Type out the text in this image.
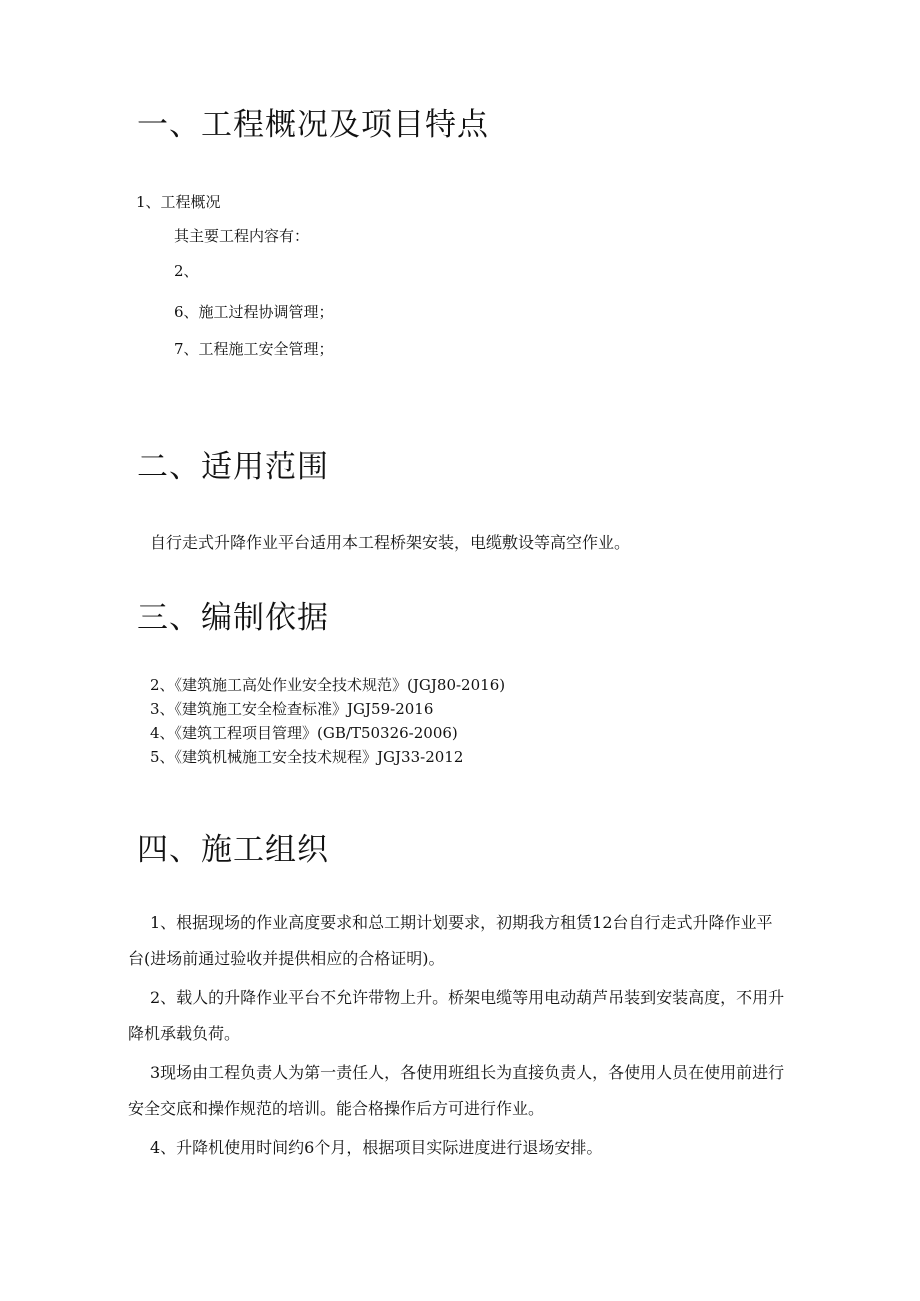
一、工程概况及项目特点
1、工程概况
其主要工程内容有：
2、
6、施工过程协调管理；
7、工程施工安全管理；
二、适用范围
自行走式升降作业平台适用本工程桥架安装，电缆敷设等高空作业。
三、编制依据
2、《建筑施工高处作业安全技术规范》(JGJ80-2016)
3、《建筑施工安全检查标准》JGJ59-2016
4、《建筑工程项目管理》(GB/T50326-2006)
5、《建筑机械施工安全技术规程》JGJ33-2012
四、施工组织
1、根据现场的作业高度要求和总工期计划要求，初期我方租赁12台自行走式升降作业平台(进场前通过验收并提供相应的合格证明)。
2、载人的升降作业平台不允许带物上升。桥架电缆等用电动葫芦吊装到安装高度，不用升降机承载负荷。
3现场由工程负责人为第一责任人，各使用班组长为直接负责人，各使用人员在使用前进行安全交底和操作规范的培训。能合格操作后方可进行作业。
4、升降机使用时间约6个月，根据项目实际进度进行退场安排。
